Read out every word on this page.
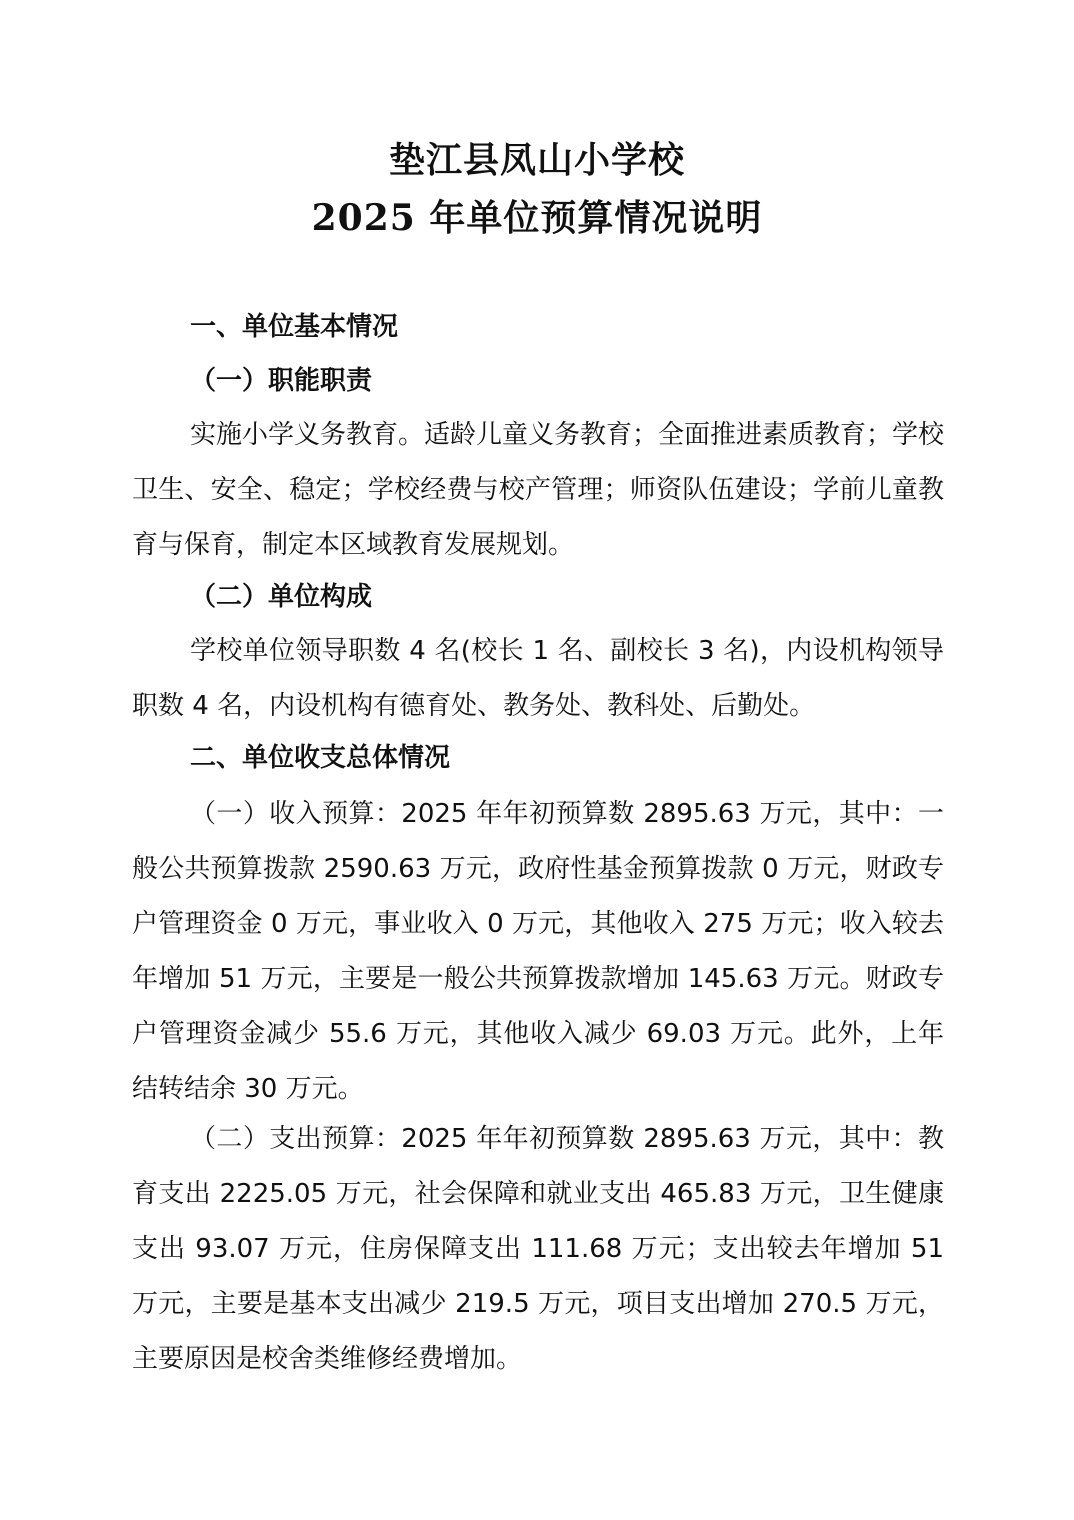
垫江县凤山小学校
2025 年单位预算情况说明
一、单位基本情况
（一）职能职责

实施小学义务教育。适龄儿童义务教育；全面推进素质教育；学校卫生、安全、稳定；学校经费与校产管理；师资队伍建设；学前儿童教育与保育，制定本区域教育发展规划。

（二）单位构成

学校单位领导职数 4 名(校长 1 名、副校长 3 名)，内设机构领导职数 4 名，内设机构有德育处、教务处、教科处、后勤处。

二、单位收支总体情况

（一）收入预算：2025 年年初预算数 2895.63 万元，其中：一般公共预算拨款 2590.63 万元，政府性基金预算拨款 0 万元，财政专户管理资金 0 万元，事业收入 0 万元，其他收入 275 万元；收入较去年增加 51 万元，主要是一般公共预算拨款增加 145.63 万元。财政专户管理资金减少 55.6 万元，其他收入减少 69.03 万元。此外，上年结转结余 30 万元。

（二）支出预算：2025 年年初预算数 2895.63 万元，其中：教育支出 2225.05 万元，社会保障和就业支出 465.83 万元，卫生健康支出 93.07 万元，住房保障支出 111.68 万元；支出较去年增加 51 万元，主要是基本支出减少 219.5 万元，项目支出增加 270.5 万元，主要原因是校舍类维修经费增加。
